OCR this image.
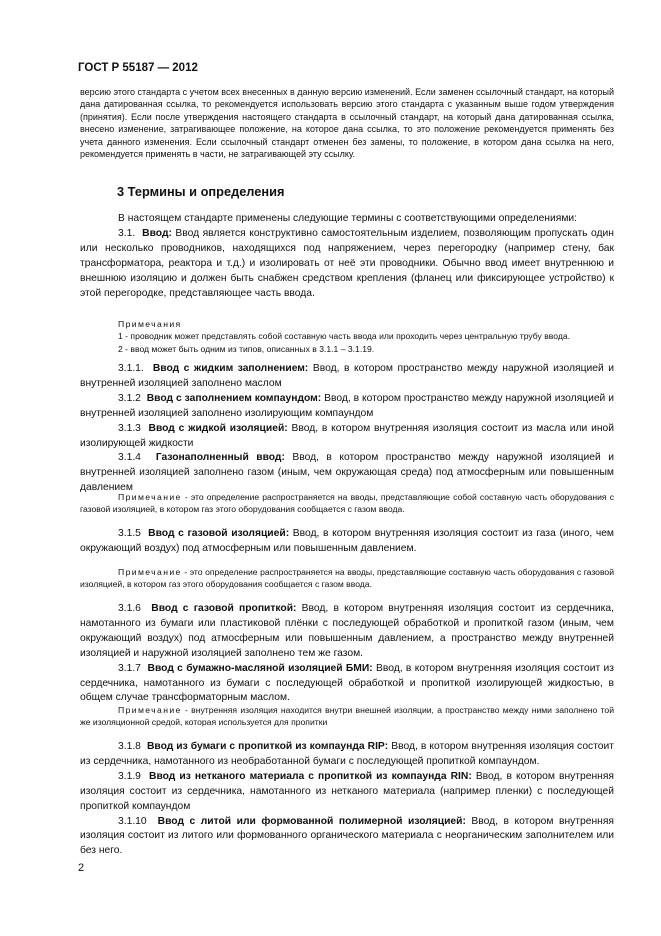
ГОСТ Р 55187 — 2012
версию этого стандарта с учетом всех внесенных в данную версию изменений. Если заменен ссылочный стандарт, на который дана датированная ссылка, то рекомендуется использовать версию этого стандарта с указанным выше годом утверждения (принятия). Если после утверждения настоящего стандарта в ссылочный стандарт, на который дана датированная ссылка, внесено изменение, затрагивающее положение, на которое дана ссылка, то это положение рекомендуется применять без учета данного изменения. Если ссылочный стандарт отменен без замены, то положение, в котором дана ссылка на него, рекомендуется применять в части, не затрагивающей эту ссылку.
3 Термины и определения

В настоящем стандарте применены следующие термины с соответствующими определениями:

3.1. Ввод: Ввод является конструктивно самостоятельным изделием, позволяющим пропускать один или несколько проводников, находящихся под напряжением, через перегородку (например стену, бак трансформатора, реактора и т.д.) и изолировать от неё эти проводники. Обычно ввод имеет внутреннюю и внешнюю изоляцию и должен быть снабжен средством крепления (фланец или фиксирующее устройство) к этой перегородке, представляющее часть ввода.

Примечания

1 - проводник может представлять собой составную часть ввода или проходить через центральную трубу ввода.

2 - ввод может быть одним из типов, описанных в 3.1.1 – 3.1.19.

3.1.1. Ввод с жидким заполнением: Ввод, в котором пространство между наружной изоляцией и внутренней изоляцией заполнено маслом

3.1.2 Ввод с заполнением компаундом: Ввод, в котором пространство между наружной изоляцией и внутренней изоляцией заполнено изолирующим компаундом

3.1.3 Ввод с жидкой изоляцией: Ввод, в котором внутренняя изоляция состоит из масла или иной изолирующей жидкости

3.1.4 Газонаполненный ввод: Ввод, в котором пространство между наружной изоляцией и внутренней изоляцией заполнено газом (иным, чем окружающая среда) под атмосферным или повышенным давлением

Примечание - это определение распространяется на вводы, представляющие собой составную часть оборудования с газовой изоляцией, в котором газ этого оборудования сообщается с газом ввода.

3.1.5 Ввод с газовой изоляцией: Ввод, в котором внутренняя изоляция состоит из газа (иного, чем окружающий воздух) под атмосферным или повышенным давлением.

Примечание - это определение распространяется на вводы, представляющие составную часть оборудования с газовой изоляцией, в котором газ этого оборудования сообщается с газом ввода.

3.1.6 Ввод с газовой пропиткой: Ввод, в котором внутренняя изоляция состоит из сердечника, намотанного из бумаги или пластиковой плёнки с последующей обработкой и пропиткой газом (иным, чем окружающий воздух) под атмосферным или повышенным давлением, а пространство между внутренней изоляцией и наружной изоляцией заполнено тем же газом.

3.1.7 Ввод с бумажно-масляной изоляцией БМИ: Ввод, в котором внутренняя изоляция состоит из сердечника, намотанного из бумаги с последующей обработкой и пропиткой изолирующей жидкостью, в общем случае трансформаторным маслом.

Примечание - внутренняя изоляция находится внутри внешней изоляции, а пространство между ними заполнено той же изоляционной средой, которая используется для пропитки

3.1.8 Ввод из бумаги с пропиткой из компаунда RIP: Ввод, в котором внутренняя изоляция состоит из сердечника, намотанного из необработанной бумаги с последующей пропиткой компаундом.

3.1.9 Ввод из нетканого материала с пропиткой из компаунда RIN: Ввод, в котором внутренняя изоляция состоит из сердечника, намотанного из нетканого материала (например пленки) с последующей пропиткой компаундом

3.1.10 Ввод с литой или формованной полимерной изоляцией: Ввод, в котором внутренняя изоляция состоит из литого или формованного органического материала с неорганическим заполнителем или без него.

2
